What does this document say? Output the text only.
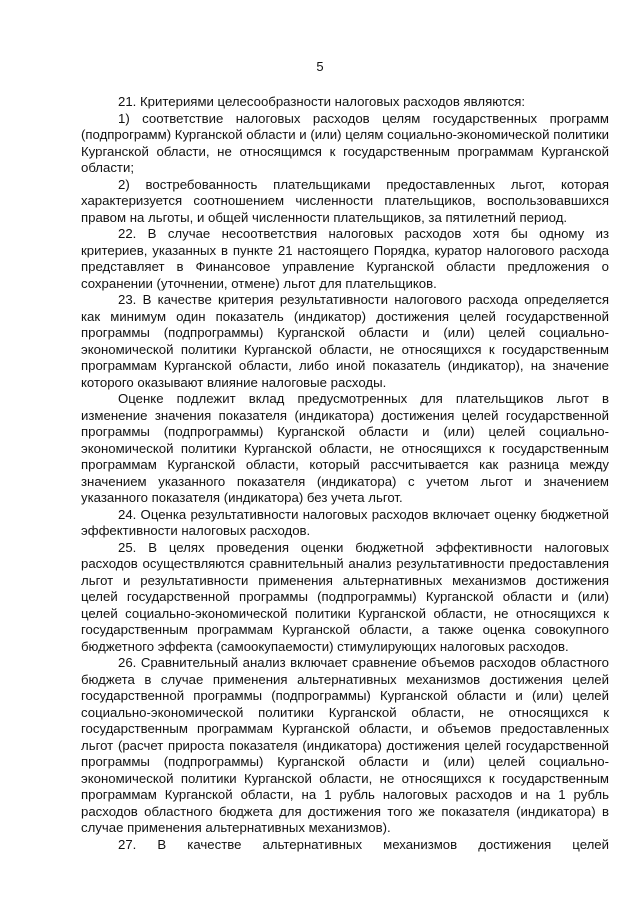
5

21. Критериями целесообразности налоговых расходов являются:

1) соответствие налоговых расходов целям государственных программ (подпрограмм) Курганской области и (или) целям социально-экономической политики Курганской области, не относящимся к государственным программам Курганской области;

2) востребованность плательщиками предоставленных льгот, которая характеризуется соотношением численности плательщиков, воспользовавшихся правом на льготы, и общей численности плательщиков, за пятилетний период.

22. В случае несоответствия налоговых расходов хотя бы одному из критериев, указанных в пункте 21 настоящего Порядка, куратор налогового расхода представляет в Финансовое управление Курганской области предложения о сохранении (уточнении, отмене) льгот для плательщиков.

23. В качестве критерия результативности налогового расхода определяется как минимум один показатель (индикатор) достижения целей государственной программы (подпрограммы) Курганской области и (или) целей социально-экономической политики Курганской области, не относящихся к государственным программам Курганской области, либо иной показатель (индикатор), на значение которого оказывают влияние налоговые расходы.

Оценке подлежит вклад предусмотренных для плательщиков льгот в изменение значения показателя (индикатора) достижения целей государственной программы (подпрограммы) Курганской области и (или) целей социально-экономической политики Курганской области, не относящихся к государственным программам Курганской области, который рассчитывается как разница между значением указанного показателя (индикатора) с учетом льгот и значением указанного показателя (индикатора) без учета льгот.

24. Оценка результативности налоговых расходов включает оценку бюджетной эффективности налоговых расходов.

25. В целях проведения оценки бюджетной эффективности налоговых расходов осуществляются сравнительный анализ результативности предоставления льгот и результативности применения альтернативных механизмов достижения целей государственной программы (подпрограммы) Курганской области и (или) целей социально-экономической политики Курганской области, не относящихся к государственным программам Курганской области, а также оценка совокупного бюджетного эффекта (самоокупаемости) стимулирующих налоговых расходов.

26. Сравнительный анализ включает сравнение объемов расходов областного бюджета в случае применения альтернативных механизмов достижения целей государственной программы (подпрограммы) Курганской области и (или) целей социально-экономической политики Курганской области, не относящихся к государственным программам Курганской области, и объемов предоставленных льгот (расчет прироста показателя (индикатора) достижения целей государственной программы (подпрограммы) Курганской области и (или) целей социально-экономической политики Курганской области, не относящихся к государственным программам Курганской области, на 1 рубль налоговых расходов и на 1 рубль расходов областного бюджета для достижения того же показателя (индикатора) в случае применения альтернативных механизмов).

27. В качестве альтернативных механизмов достижения целей
